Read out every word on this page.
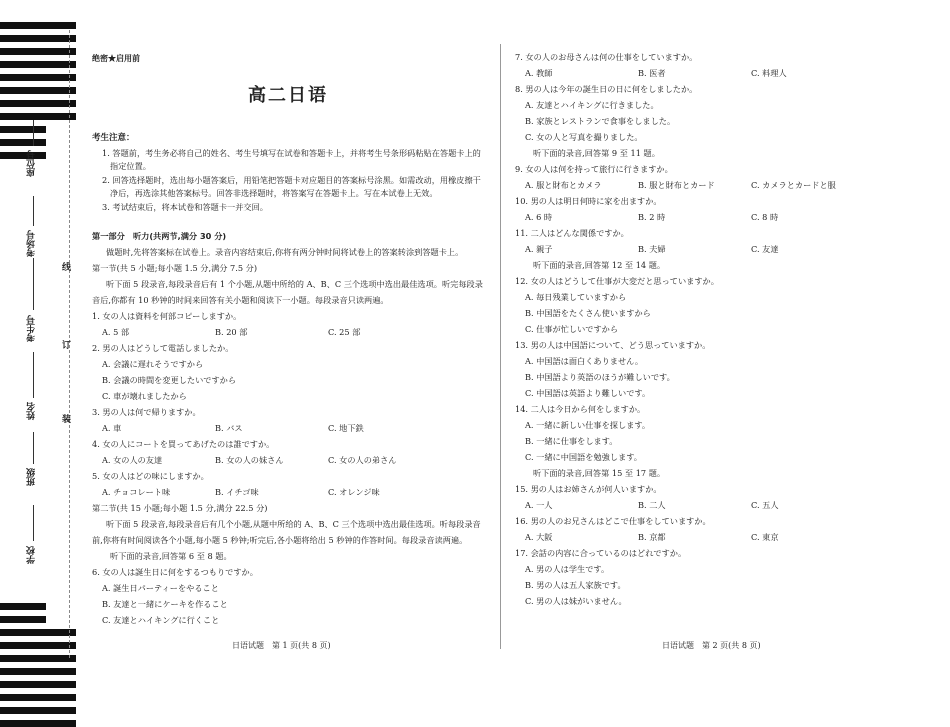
座位号
考场号
考生号
姓名
班级
学校
线
订
装
绝密★启用前
高二日语
考生注意：
1. 答题前，考生务必将自己的姓名、考生号填写在试卷和答题卡上，并将考生号条形码粘贴在答题卡上的指定位置。
2. 回答选择题时，选出每小题答案后，用铅笔把答题卡对应题目的答案标号涂黑。如需改动，用橡皮擦干净后，再选涂其他答案标号。回答非选择题时，将答案写在答题卡上。写在本试卷上无效。
3. 考试结束后，将本试卷和答题卡一并交回。
第一部分　听力(共两节,满分 30 分)
做题时,先将答案标在试卷上。录音内容结束后,你将有两分钟时间将试卷上的答案转涂到答题卡上。
第一节(共 5 小题;每小题 1.5 分,满分 7.5 分)
听下面 5 段录音,每段录音后有 1 个小题,从题中所给的 A、B、C 三个选项中选出最佳选项。听完每段录音后,你都有 10 秒钟的时间来回答有关小题和阅读下一小题。每段录音只读两遍。
1. 女の人は資料を何部コピーしますか。
A. 5 部	B. 20 部	C. 25 部
2. 男の人はどうして電話しましたか。
A. 会議に遅れそうですから
B. 会議の時間を変更したいですから
C. 車が壊れましたから
3. 男の人は何で帰りますか。
A. 車	B. バス	C. 地下鉄
4. 女の人にコートを買ってあげたのは誰ですか。
A. 女の人の友達	B. 女の人の妹さん	C. 女の人の弟さん
5. 女の人はどの味にしますか。
A. チョコレート味	B. イチゴ味	C. オレンジ味
第二节(共 15 小题;每小题 1.5 分,满分 22.5 分)
听下面 5 段录音,每段录音后有几个小题,从题中所给的 A、B、C 三个选项中选出最佳选项。听每段录音前,你将有时间阅读各个小题,每小题 5 秒钟;听完后,各小题将给出 5 秒钟的作答时间。每段录音读两遍。
听下面的录音,回答第 6 至 8 题。
6. 女の人は誕生日に何をするつもりですか。
A. 誕生日パーティーをやること
B. 友達と一緒にケーキを作ること
C. 友達とハイキングに行くこと
7. 女の人のお母さんは何の仕事をしていますか。
A. 教師	B. 医者	C. 料理人
8. 男の人は今年の誕生日の日に何をしましたか。
A. 友達とハイキングに行きました。
B. 家族とレストランで食事をしました。
C. 女の人と写真を撮りました。
听下面的录音,回答第 9 至 11 题。
9. 女の人は何を持って旅行に行きますか。
A. 服と財布とカメラ	B. 服と財布とカード	C. カメラとカードと服
10. 男の人は明日何時に家を出ますか。
A. 6 時	B. 2 時	C. 8 時
11. 二人はどんな関係ですか。
A. 親子	B. 夫婦	C. 友達
听下面的录音,回答第 12 至 14 题。
12. 女の人はどうして仕事が大変だと思っていますか。
A. 毎日残業していますから
B. 中国語をたくさん使いますから
C. 仕事が忙しいですから
13. 男の人は中国語について、どう思っていますか。
A. 中国語は面白くありません。
B. 中国語より英語のほうが難しいです。
C. 中国語は英語より難しいです。
14. 二人は今日から何をしますか。
A. 一緒に新しい仕事を探します。
B. 一緒に仕事をします。
C. 一緒に中国語を勉強します。
听下面的录音,回答第 15 至 17 题。
15. 男の人はお姉さんが何人いますか。
A. 一人	B. 二人	C. 五人
16. 男の人のお兄さんはどこで仕事をしていますか。
A. 大阪	B. 京都	C. 東京
17. 会話の内容に合っているのはどれですか。
A. 男の人は学生です。
B. 男の人は五人家族です。
C. 男の人は妹がいません。
日语试题　第 1 页(共 8 页)	日语试题　第 2 页(共 8 页)
